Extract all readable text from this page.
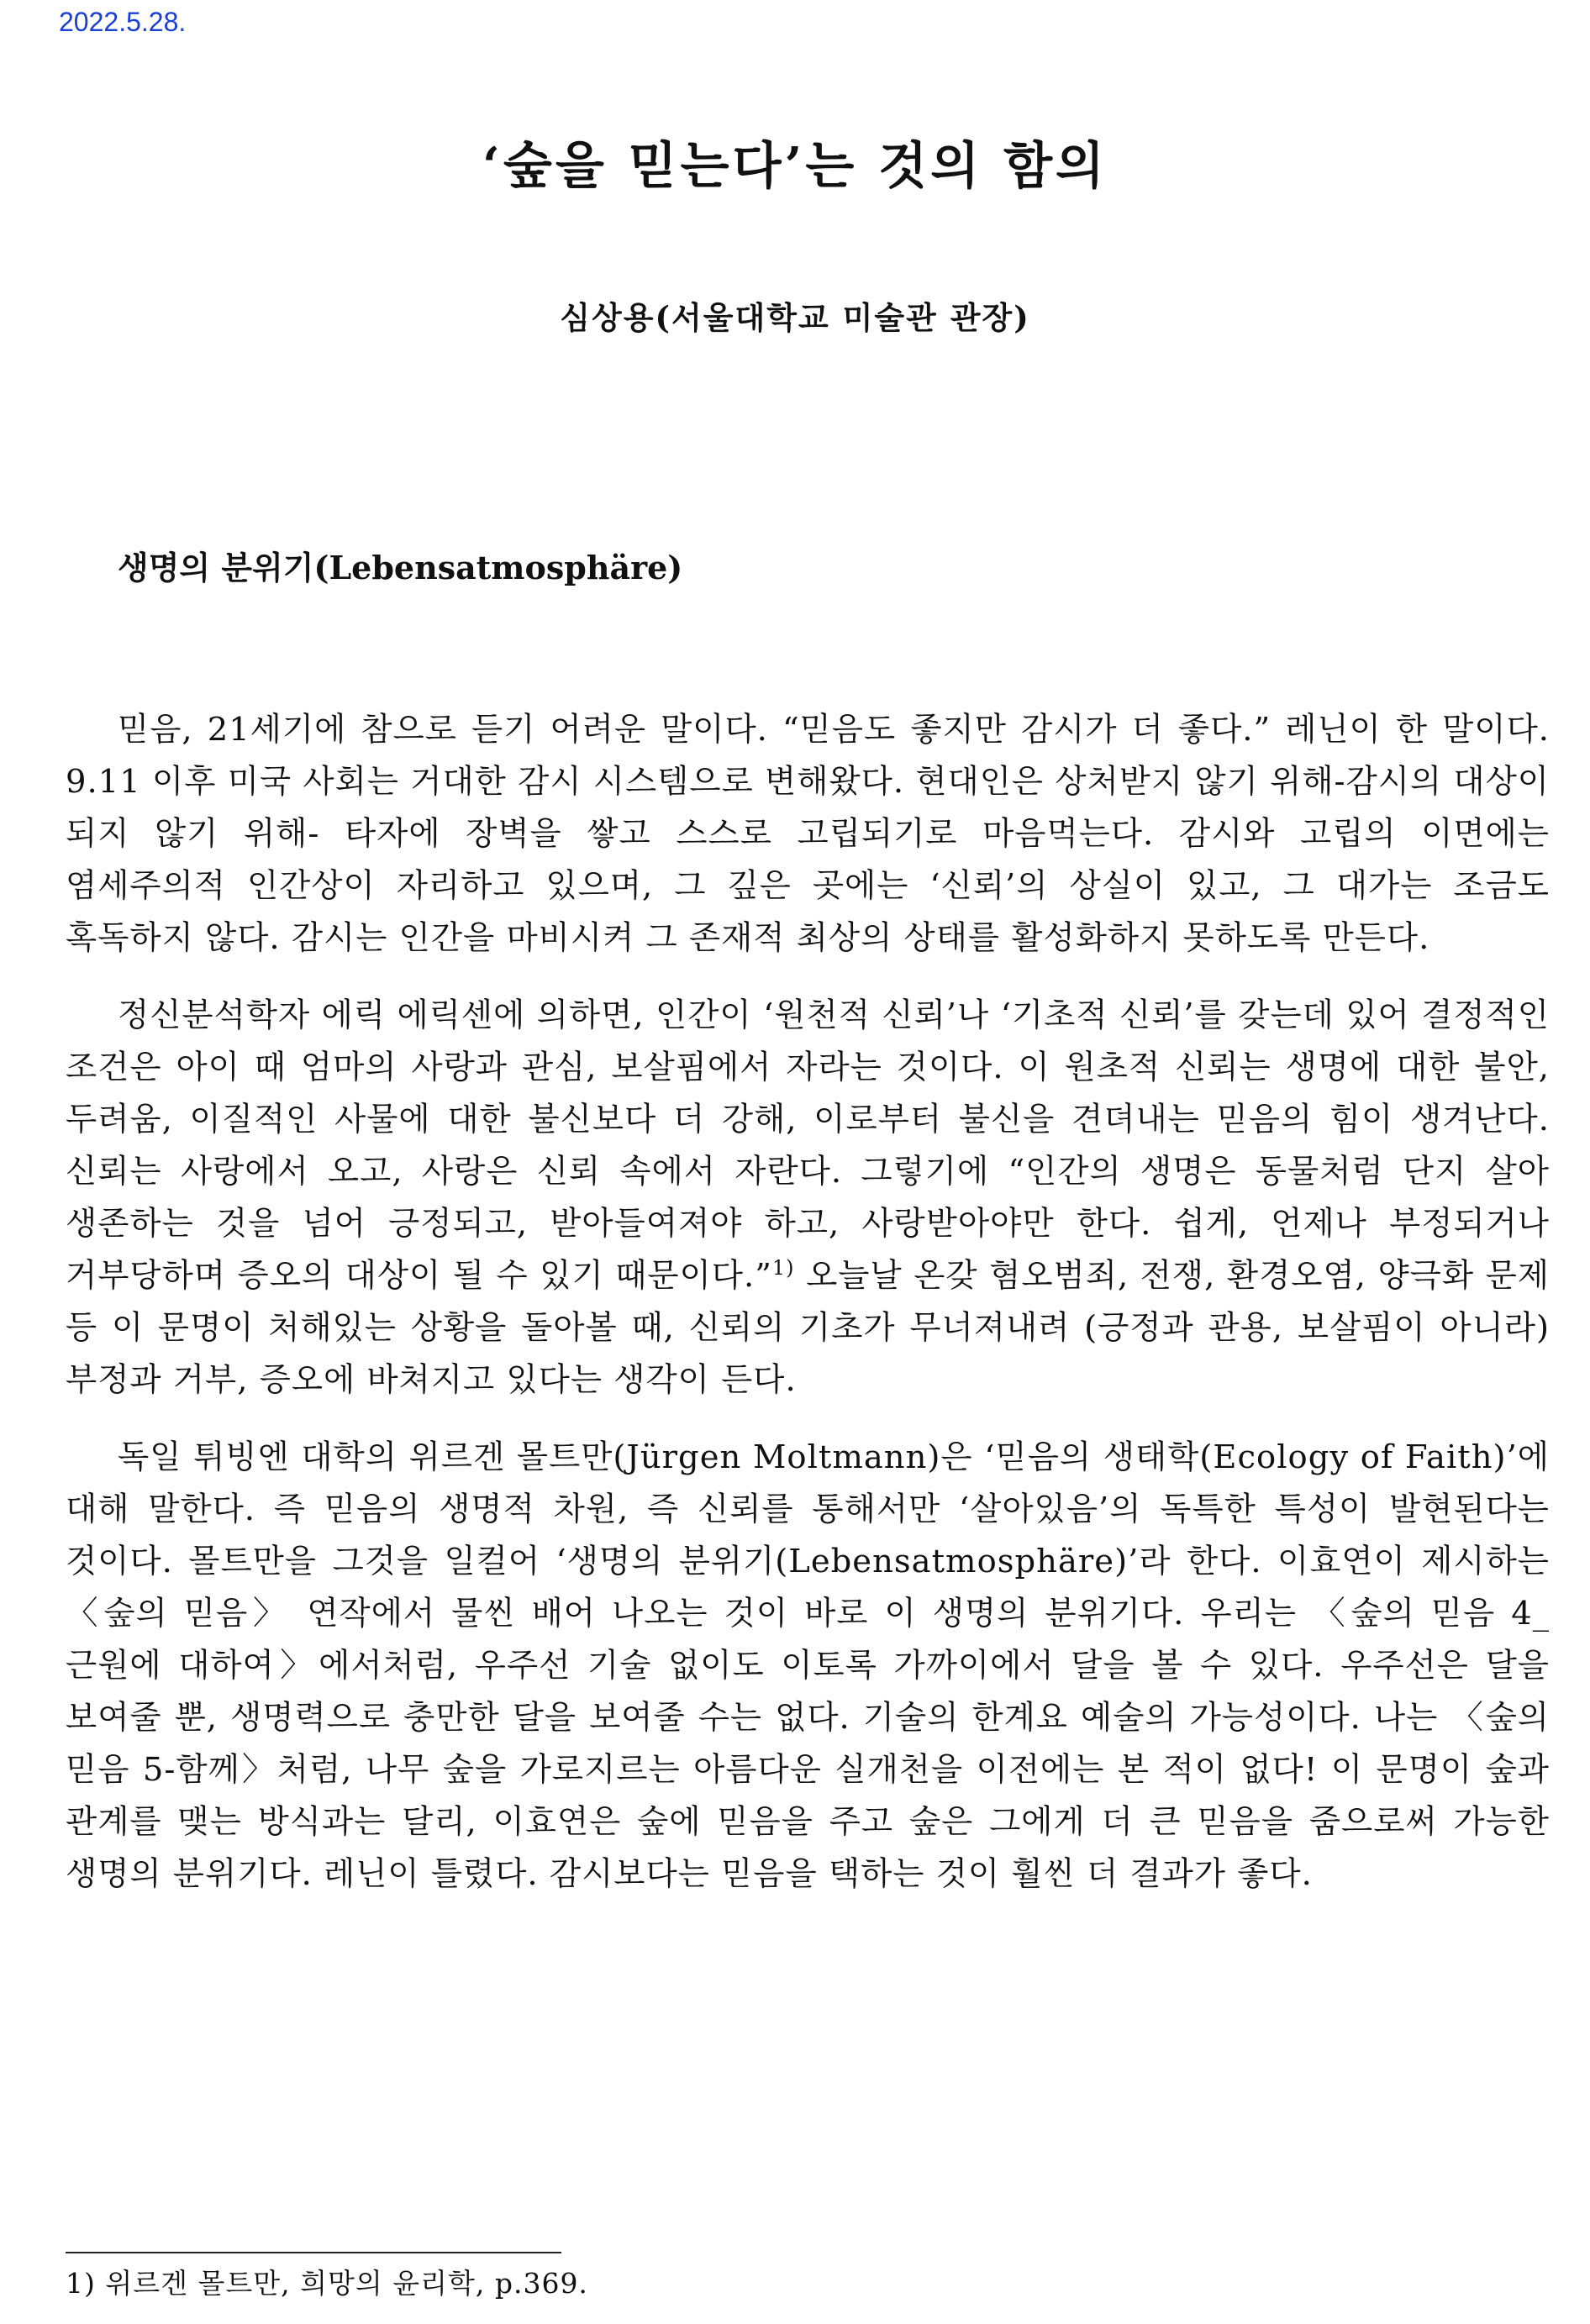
2022.5.28.
‘숲을 믿는다’는 것의 함의
심상용(서울대학교 미술관 관장)
생명의 분위기(Lebensatmosphäre)

믿음, 21세기에 참으로 듣기 어려운 말이다. “믿음도 좋지만 감시가 더 좋다.” 레닌이 한 말이다. 9.11 이후 미국 사회는 거대한 감시 시스템으로 변해왔다. 현대인은 상처받지 않기 위해-감시의 대상이 되지 않기 위해- 타자에 장벽을 쌓고 스스로 고립되기로 마음먹는다. 감시와 고립의 이면에는 염세주의적 인간상이 자리하고 있으며, 그 깊은 곳에는 ‘신뢰’의 상실이 있고, 그 대가는 조금도 혹독하지 않다. 감시는 인간을 마비시켜 그 존재적 최상의 상태를 활성화하지 못하도록 만든다.

정신분석학자 에릭 에릭센에 의하면, 인간이 ‘원천적 신뢰’나 ‘기초적 신뢰’를 갖는데 있어 결정적인 조건은 아이 때 엄마의 사랑과 관심, 보살핌에서 자라는 것이다. 이 원초적 신뢰는 생명에 대한 불안, 두려움, 이질적인 사물에 대한 불신보다 더 강해, 이로부터 불신을 견뎌내는 믿음의 힘이 생겨난다. 신뢰는 사랑에서 오고, 사랑은 신뢰 속에서 자란다. 그렇기에 “인간의 생명은 동물처럼 단지 살아 생존하는 것을 넘어 긍정되고, 받아들여져야 하고, 사랑받아야만 한다. 쉽게, 언제나 부정되거나 거부당하며 증오의 대상이 될 수 있기 때문이다.”$^{1)}$ 오늘날 온갖 혐오범죄, 전쟁, 환경오염, 양극화 문제 등 이 문명이 처해있는 상황을 돌아볼 때, 신뢰의 기초가 무너져내려 (긍정과 관용, 보살핌이 아니라) 부정과 거부, 증오에 바쳐지고 있다는 생각이 든다.

독일 튀빙엔 대학의 위르겐 몰트만(Jürgen Moltmann)은 ‘믿음의 생태학(Ecology of Faith)’에 대해 말한다. 즉 믿음의 생명적 차원, 즉 신뢰를 통해서만 ‘살아있음’의 독특한 특성이 발현된다는 것이다. 몰트만을 그것을 일컬어 ‘생명의 분위기(Lebensatmosphäre)’라 한다. 이효연이 제시하는 〈숲의 믿음〉 연작에서 물씬 배어 나오는 것이 바로 이 생명의 분위기다. 우리는 〈숲의 믿음 4_근원에 대하여〉에서처럼, 우주선 기술 없이도 이토록 가까이에서 달을 볼 수 있다. 우주선은 달을 보여줄 뿐, 생명력으로 충만한 달을 보여줄 수는 없다. 기술의 한계요 예술의 가능성이다. 나는 〈숲의 믿음 5-함께〉처럼, 나무 숲을 가로지르는 아름다운 실개천을 이전에는 본 적이 없다! 이 문명이 숲과 관계를 맺는 방식과는 달리, 이효연은 숲에 믿음을 주고 숲은 그에게 더 큰 믿음을 줌으로써 가능한 생명의 분위기다. 레닌이 틀렸다. 감시보다는 믿음을 택하는 것이 훨씬 더 결과가 좋다.

1) 위르겐 몰트만, 희망의 윤리학, p.369.
